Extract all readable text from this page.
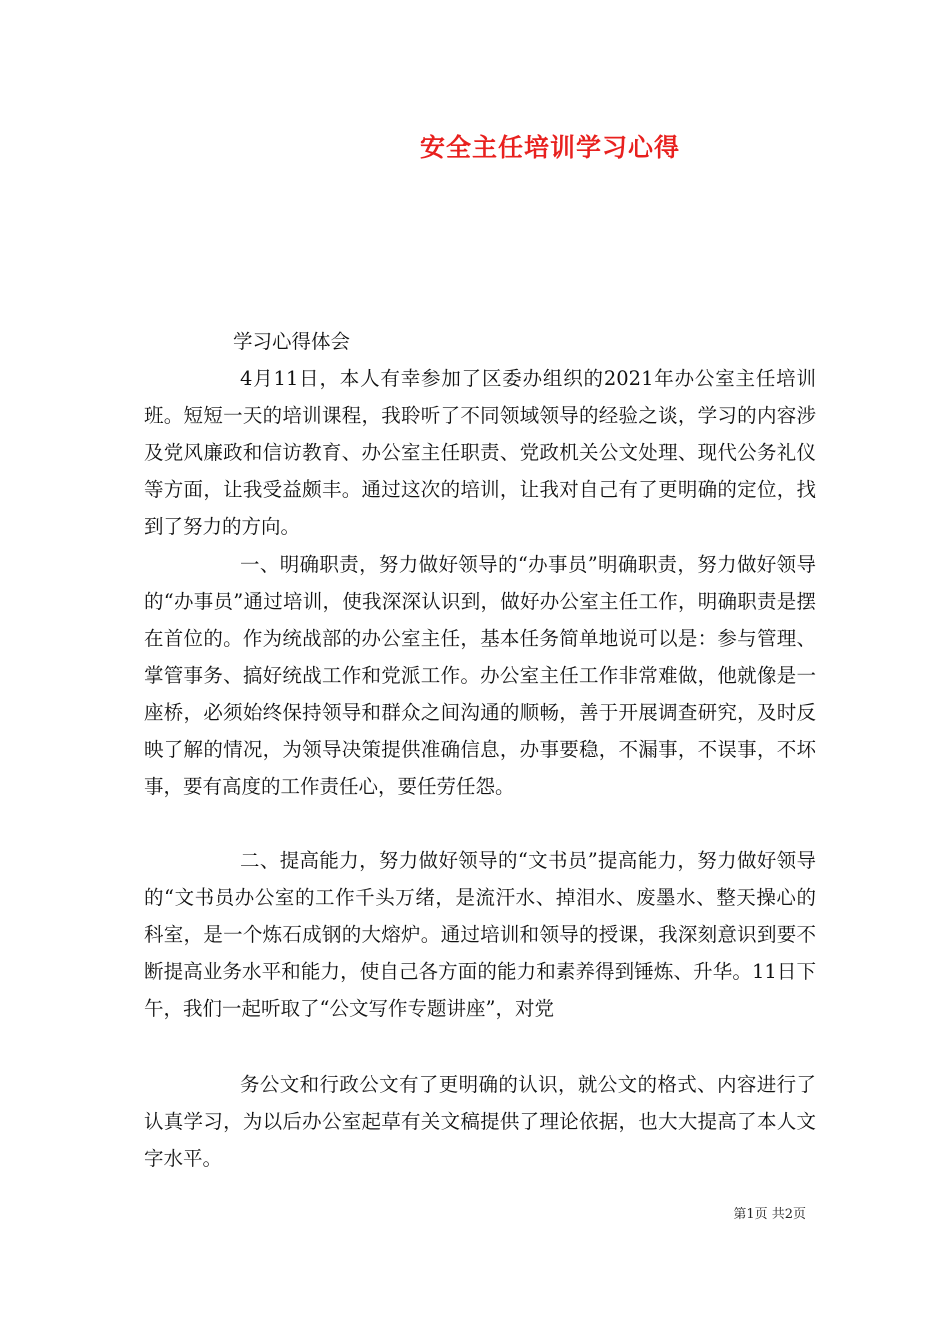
安全主任培训学习心得
学习心得体会

4月11日，本人有幸参加了区委办组织的2021年办公室主任培训班。短短一天的培训课程，我聆听了不同领域领导的经验之谈，学习的内容涉及党风廉政和信访教育、办公室主任职责、党政机关公文处理、现代公务礼仪等方面，让我受益颇丰。通过这次的培训，让我对自己有了更明确的定位，找到了努力的方向。

一、明确职责，努力做好领导的“办事员”明确职责，努力做好领导的“办事员”通过培训，使我深深认识到，做好办公室主任工作，明确职责是摆在首位的。作为统战部的办公室主任，基本任务简单地说可以是：参与管理、掌管事务、搞好统战工作和党派工作。办公室主任工作非常难做，他就像是一座桥，必须始终保持领导和群众之间沟通的顺畅，善于开展调查研究，及时反映了解的情况，为领导决策提供准确信息，办事要稳，不漏事，不误事，不坏事，要有高度的工作责任心，要任劳任怨。

二、提高能力，努力做好领导的“文书员”提高能力，努力做好领导的“文书员办公室的工作千头万绪，是流汗水、掉泪水、废墨水、整天操心的科室，是一个炼石成钢的大熔炉。通过培训和领导的授课，我深刻意识到要不断提高业务水平和能力，使自己各方面的能力和素养得到锤炼、升华。11日下午，我们一起听取了“公文写作专题讲座”，对党

务公文和行政公文有了更明确的认识，就公文的格式、内容进行了认真学习，为以后办公室起草有关文稿提供了理论依据，也大大提高了本人文字水平。

第1页 共2页
